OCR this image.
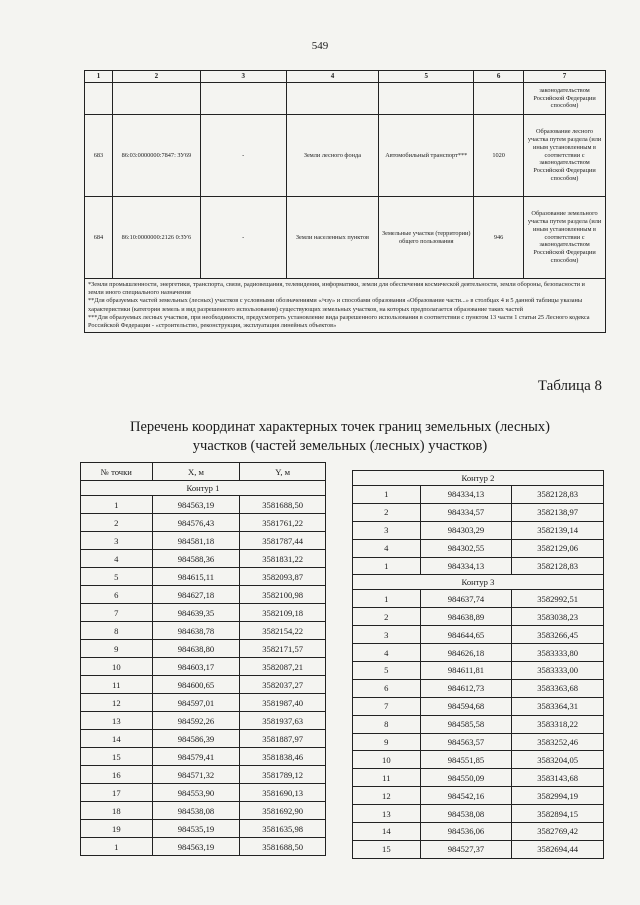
549
1	2	3	4	5	6	7
						законодательством Российской Федерации способом)
683	86:03:0000000:7847: ЗУ69	-	Земли лесного фонда	Автомобильный транспорт***	1020	Образование лесного участка путем раздела (или иным установленным в соответствии с законодательством Российской Федерации способом)
684	86:10:0000000:2126 0:ЗУ6	-	Земли населенных пунктов	Земельные участки (территории) общего пользования	946	Образование земельного участка путем раздела (или иным установленным в соответствии с законодательством Российской Федерации способом)
*Земли промышленности, энергетики, транспорта, связи, радиовещания, телевидения, информатики, земли для обеспечения космической деятельности, земли обороны, безопасности и земли иного специального назначения
**Для образуемых частей земельных (лесных) участков с условными обозначениями «/чзу» и способами образования «Образование части...» в столбцах 4 и 5 данной таблицы указаны характеристики (категория земель и вид разрешенного использования) существующих земельных участков, на которых предполагается образование таких частей
***Для образуемых лесных участков, при необходимости, предусмотреть установление вида разрешенного использования в соответствии с пунктом 13 части 1 статьи 25 Лесного кодекса Российской Федерации - «строительство, реконструкция, эксплуатация линейных объектов»						
Таблица 8
Перечень координат характерных точек границ земельных (лесных) участков (частей земельных (лесных) участков)
№ точки	X, м	Y, м
Контур 1		
1	984563,19	3581688,50
2	984576,43	3581761,22
3	984581,18	3581787,44
4	984588,36	3581831,22
5	984615,11	3582093,87
6	984627,18	3582100,98
7	984639,35	3582109,18
8	984638,78	3582154,22
9	984638,80	3582171,57
10	984603,17	3582087,21
11	984600,65	3582037,27
12	984597,01	3581987,40
13	984592,26	3581937,63
14	984586,39	3581887,97
15	984579,41	3581838,46
16	984571,32	3581789,12
17	984553,90	3581690,13
18	984538,08	3581692,90
19	984535,19	3581635,98
1	984563,19	3581688,50
Контур 2		
1	984334,13	3582128,83
2	984334,57	3582138,97
3	984303,29	3582139,14
4	984302,55	3582129,06
1	984334,13	3582128,83
Контур 3		
1	984637,74	3582992,51
2	984638,89	3583038,23
3	984644,65	3583266,45
4	984626,18	3583333,80
5	984611,81	3583333,00
6	984612,73	3583363,68
7	984594,68	3583364,31
8	984585,58	3583318,22
9	984563,57	3583252,46
10	984551,85	3583204,05
11	984550,09	3583143,68
12	984542,16	3582994,19
13	984538,08	3582894,15
14	984536,06	3582769,42
15	984527,37	3582694,44
